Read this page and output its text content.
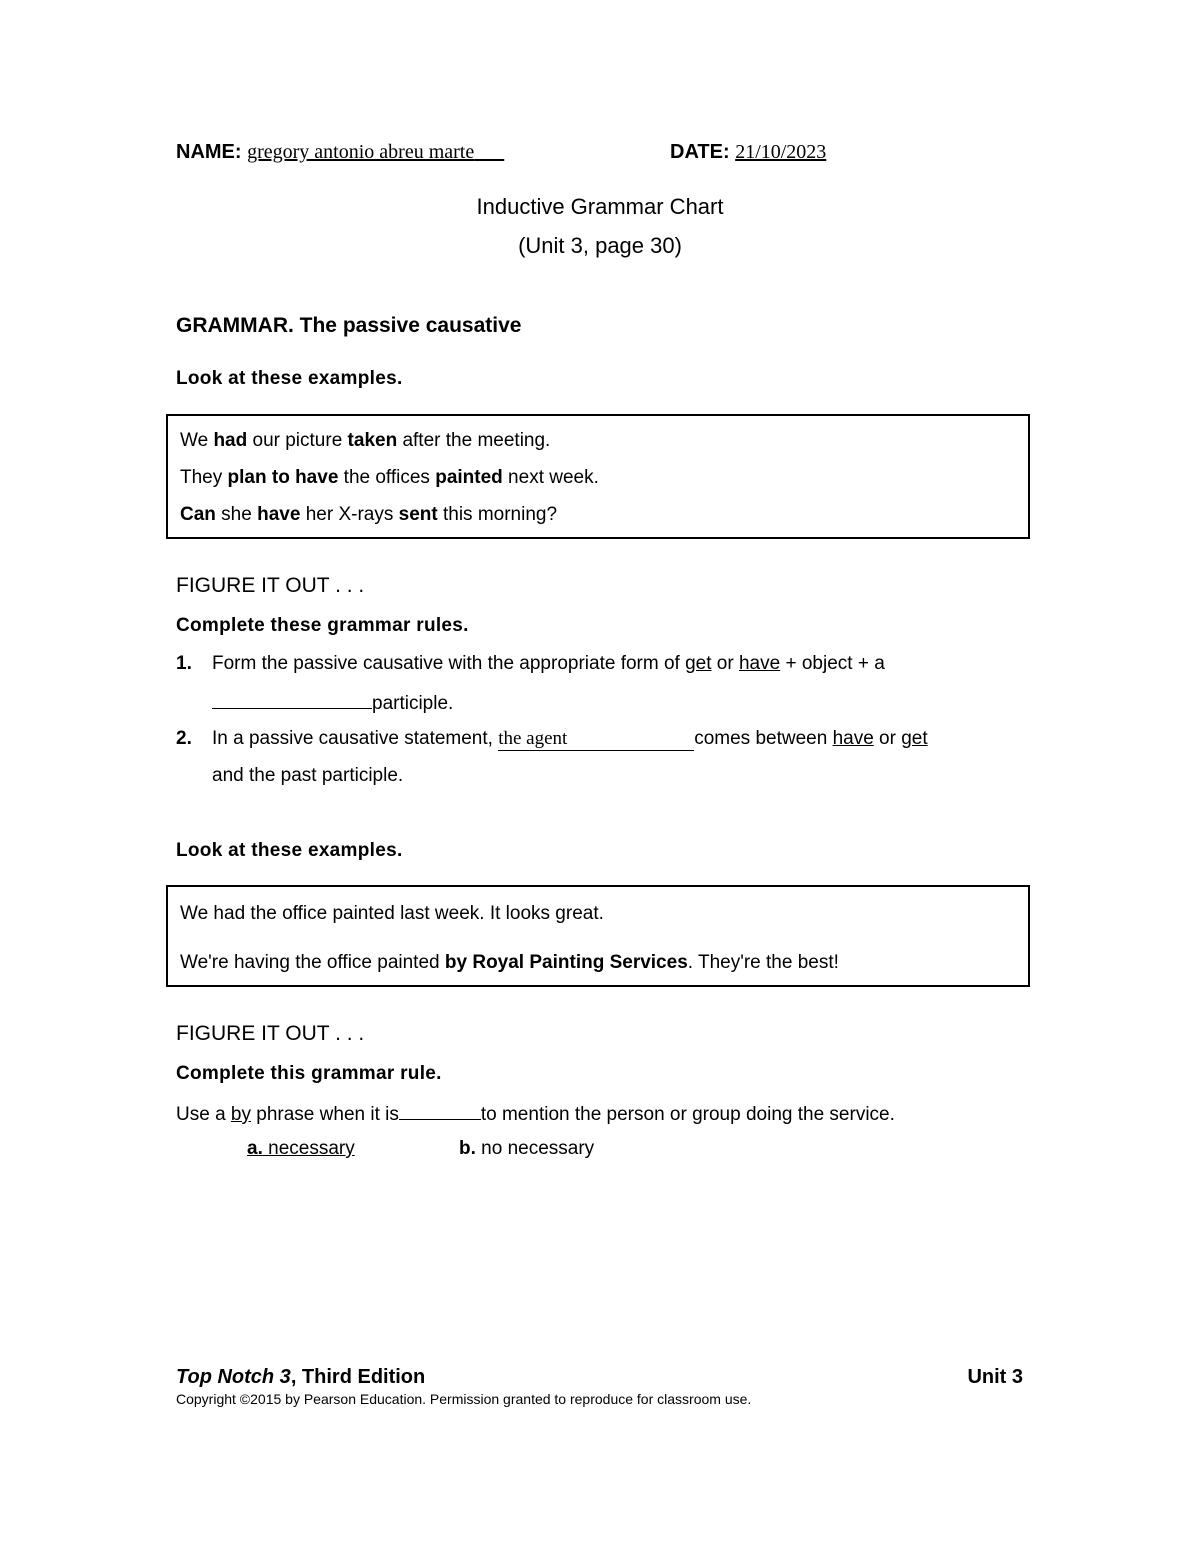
NAME: gregory antonio abreu marte	DATE: 21/10/2023
Inductive Grammar Chart
(Unit 3, page 30)
GRAMMAR. The passive causative
Look at these examples.
We had our picture taken after the meeting.
They plan to have the offices painted next week.
Can she have her X-rays sent this morning?
FIGURE IT OUT . . .
Complete these grammar rules.
1. Form the passive causative with the appropriate form of get or have + object + a
participle.
2. In a passive causative statement, the agent	comes between have or get
and the past participle.
Look at these examples.
We had the office painted last week. It looks great.
We're having the office painted by Royal Painting Services. They're the best!
FIGURE IT OUT . . .
Complete this grammar rule.
Use a by phrase when it is	to mention the person or group doing the service.
a. necessary	b. no necessary
Top Notch 3, Third Edition	Unit 3
Copyright ©2015 by Pearson Education. Permission granted to reproduce for classroom use.
